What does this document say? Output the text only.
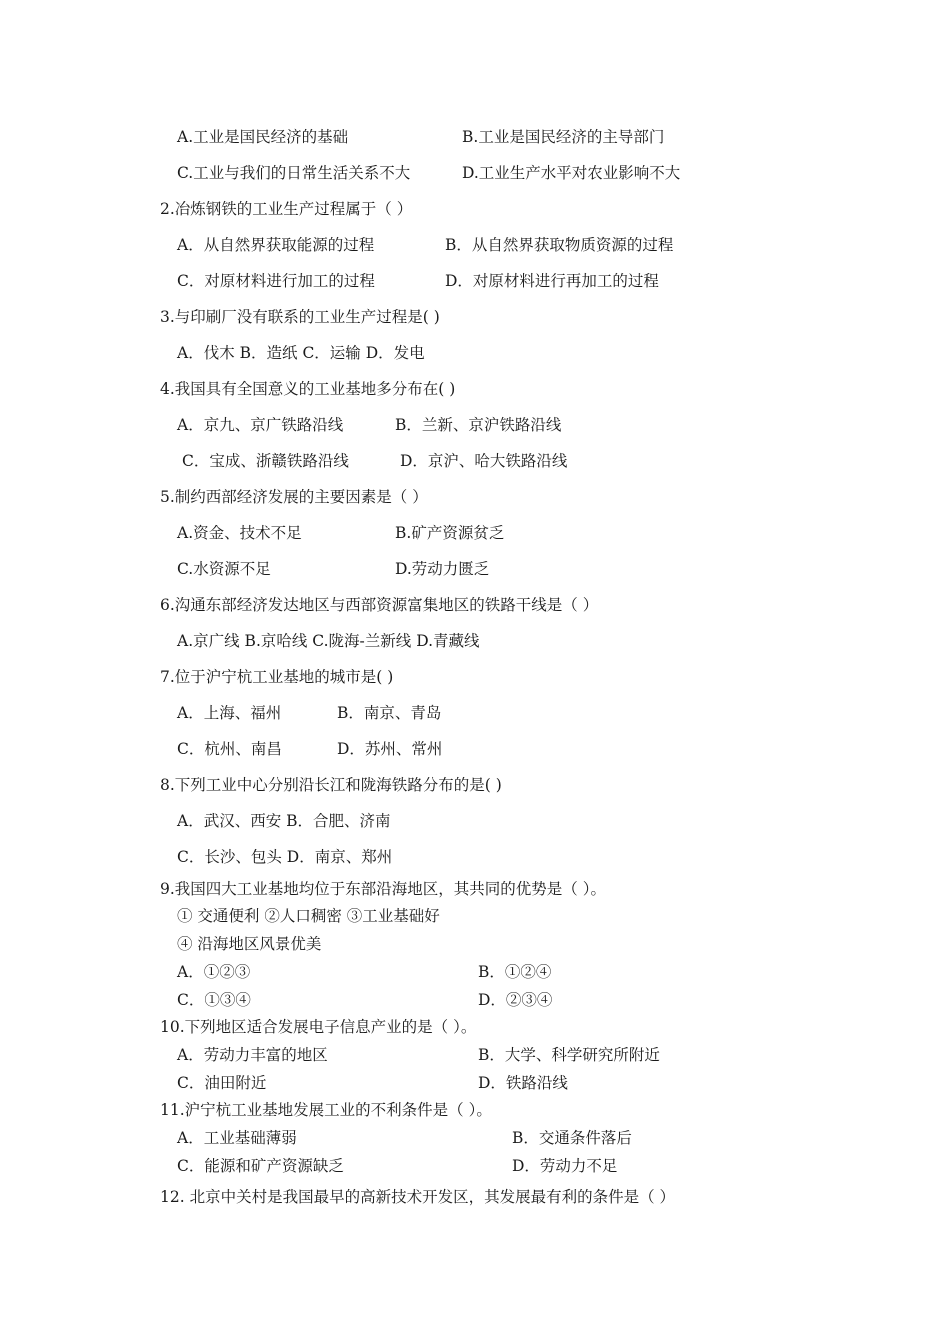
A.工业是国民经济的基础	B.工业是国民经济的主导部门
C.工业与我们的日常生活关系不大	D.工业生产水平对农业影响不大
2.冶炼钢铁的工业生产过程属于（ ）
A．从自然界获取能源的过程	B．从自然界获取物质资源的过程
C．对原材料进行加工的过程	D．对原材料进行再加工的过程
3.与印刷厂没有联系的工业生产过程是( )
A．伐木 B．造纸 C．运输 D．发电
4.我国具有全国意义的工业基地多分布在( )
A．京九、京广铁路沿线	B．兰新、京沪铁路沿线
C．宝成、浙赣铁路沿线	D．京沪、哈大铁路沿线
5.制约西部经济发展的主要因素是（ ）
A.资金、技术不足	B.矿产资源贫乏
C.水资源不足	D.劳动力匮乏
6.沟通东部经济发达地区与西部资源富集地区的铁路干线是（ ）
A.京广线 B.京哈线 C.陇海-兰新线 D.青藏线
7.位于沪宁杭工业基地的城市是( )
A．上海、福州	B．南京、青岛
C．杭州、南昌	D．苏州、常州
8.下列工业中心分别沿长江和陇海铁路分布的是( )
A．武汉、西安 B．合肥、济南
C．长沙、包头 D．南京、郑州
9.我国四大工业基地均位于东部沿海地区，其共同的优势是（ ）。
① 交通便利 ②人口稠密 ③工业基础好
④ 沿海地区风景优美
A．①②③	B．①②④
C．①③④	D．②③④
10.下列地区适合发展电子信息产业的是（ ）。
A．劳动力丰富的地区	B．大学、科学研究所附近
C．油田附近	D．铁路沿线
11.沪宁杭工业基地发展工业的不利条件是（ ）。
A．工业基础薄弱	B．交通条件落后
C．能源和矿产资源缺乏	D．劳动力不足
12. 北京中关村是我国最早的高新技术开发区，其发展最有利的条件是（ ）
